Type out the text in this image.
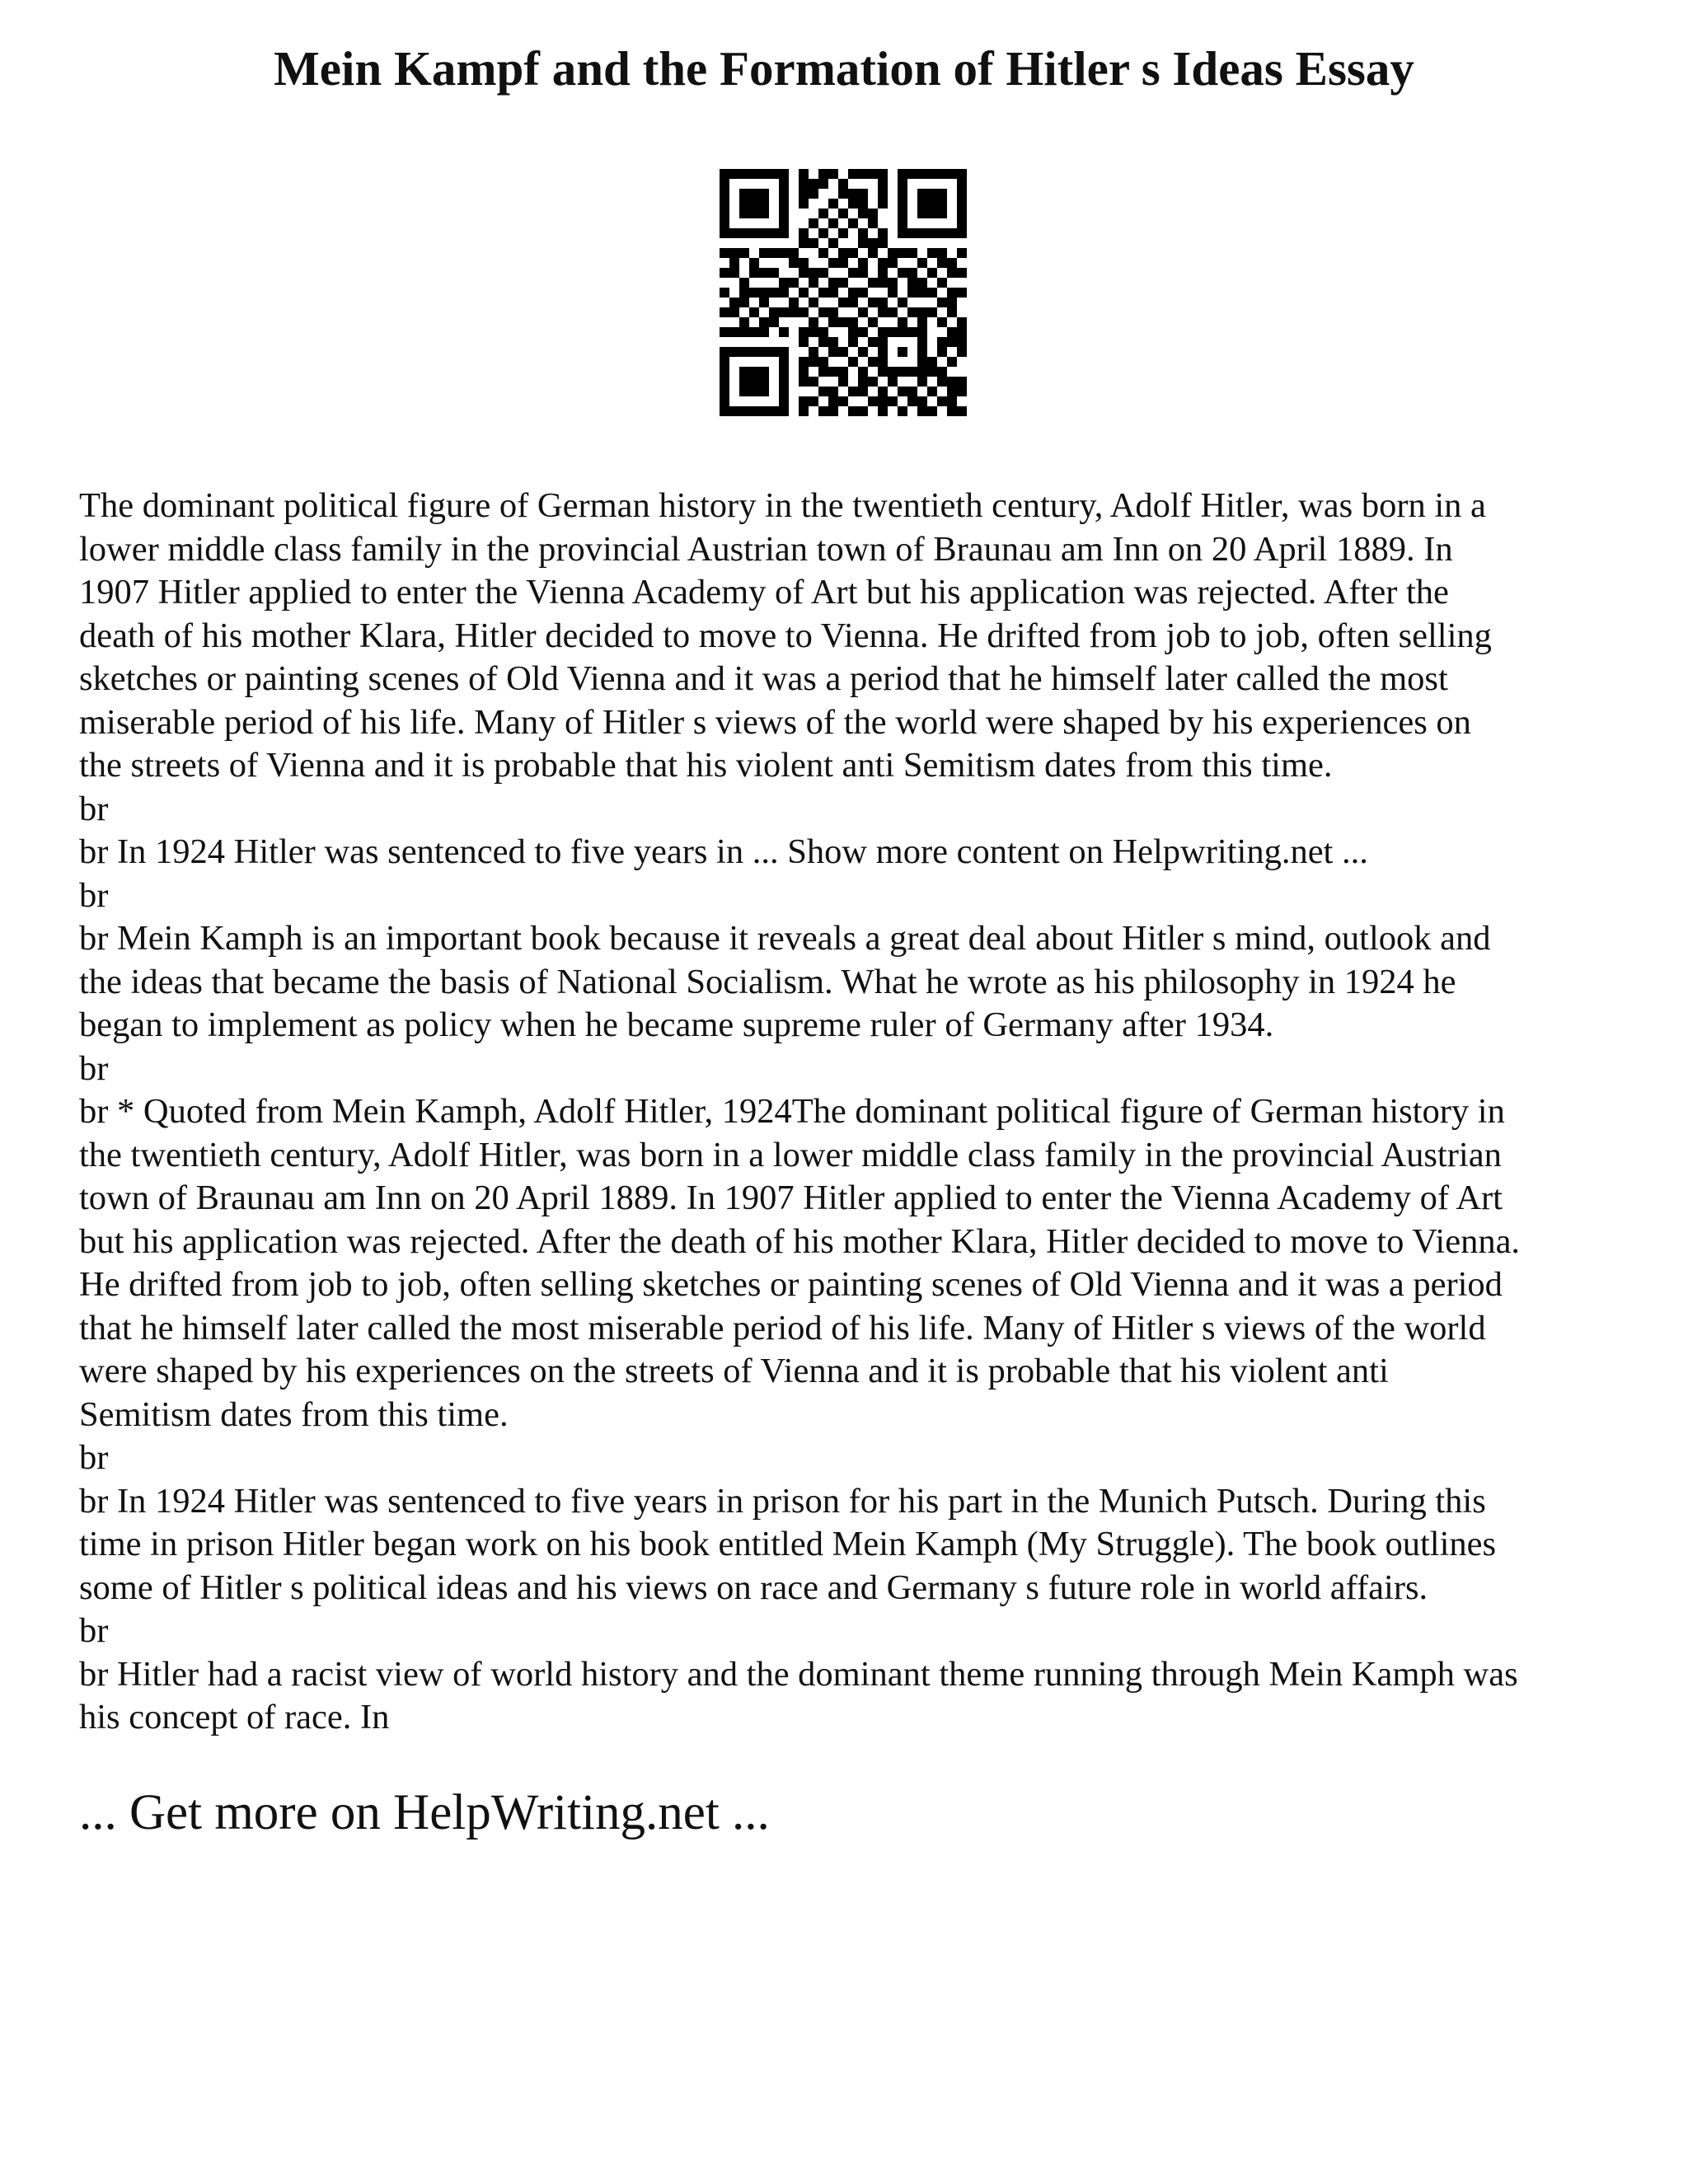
Mein Kampf and the Formation of Hitler s Ideas Essay
The dominant political figure of German history in the twentieth century, Adolf Hitler, was born in a
lower middle class family in the provincial Austrian town of Braunau am Inn on 20 April 1889. In
1907 Hitler applied to enter the Vienna Academy of Art but his application was rejected. After the
death of his mother Klara, Hitler decided to move to Vienna. He drifted from job to job, often selling
sketches or painting scenes of Old Vienna and it was a period that he himself later called the most
miserable period of his life. Many of Hitler s views of the world were shaped by his experiences on
the streets of Vienna and it is probable that his violent anti Semitism dates from this time.
br
br In 1924 Hitler was sentenced to five years in ... Show more content on Helpwriting.net ...
br
br Mein Kamph is an important book because it reveals a great deal about Hitler s mind, outlook and
the ideas that became the basis of National Socialism. What he wrote as his philosophy in 1924 he
began to implement as policy when he became supreme ruler of Germany after 1934.
br
br * Quoted from Mein Kamph, Adolf Hitler, 1924The dominant political figure of German history in
the twentieth century, Adolf Hitler, was born in a lower middle class family in the provincial Austrian
town of Braunau am Inn on 20 April 1889. In 1907 Hitler applied to enter the Vienna Academy of Art
but his application was rejected. After the death of his mother Klara, Hitler decided to move to Vienna.
He drifted from job to job, often selling sketches or painting scenes of Old Vienna and it was a period
that he himself later called the most miserable period of his life. Many of Hitler s views of the world
were shaped by his experiences on the streets of Vienna and it is probable that his violent anti
Semitism dates from this time.
br
br In 1924 Hitler was sentenced to five years in prison for his part in the Munich Putsch. During this
time in prison Hitler began work on his book entitled Mein Kamph (My Struggle). The book outlines
some of Hitler s political ideas and his views on race and Germany s future role in world affairs.
br
br Hitler had a racist view of world history and the dominant theme running through Mein Kamph was
his concept of race. In
... Get more on HelpWriting.net ...
